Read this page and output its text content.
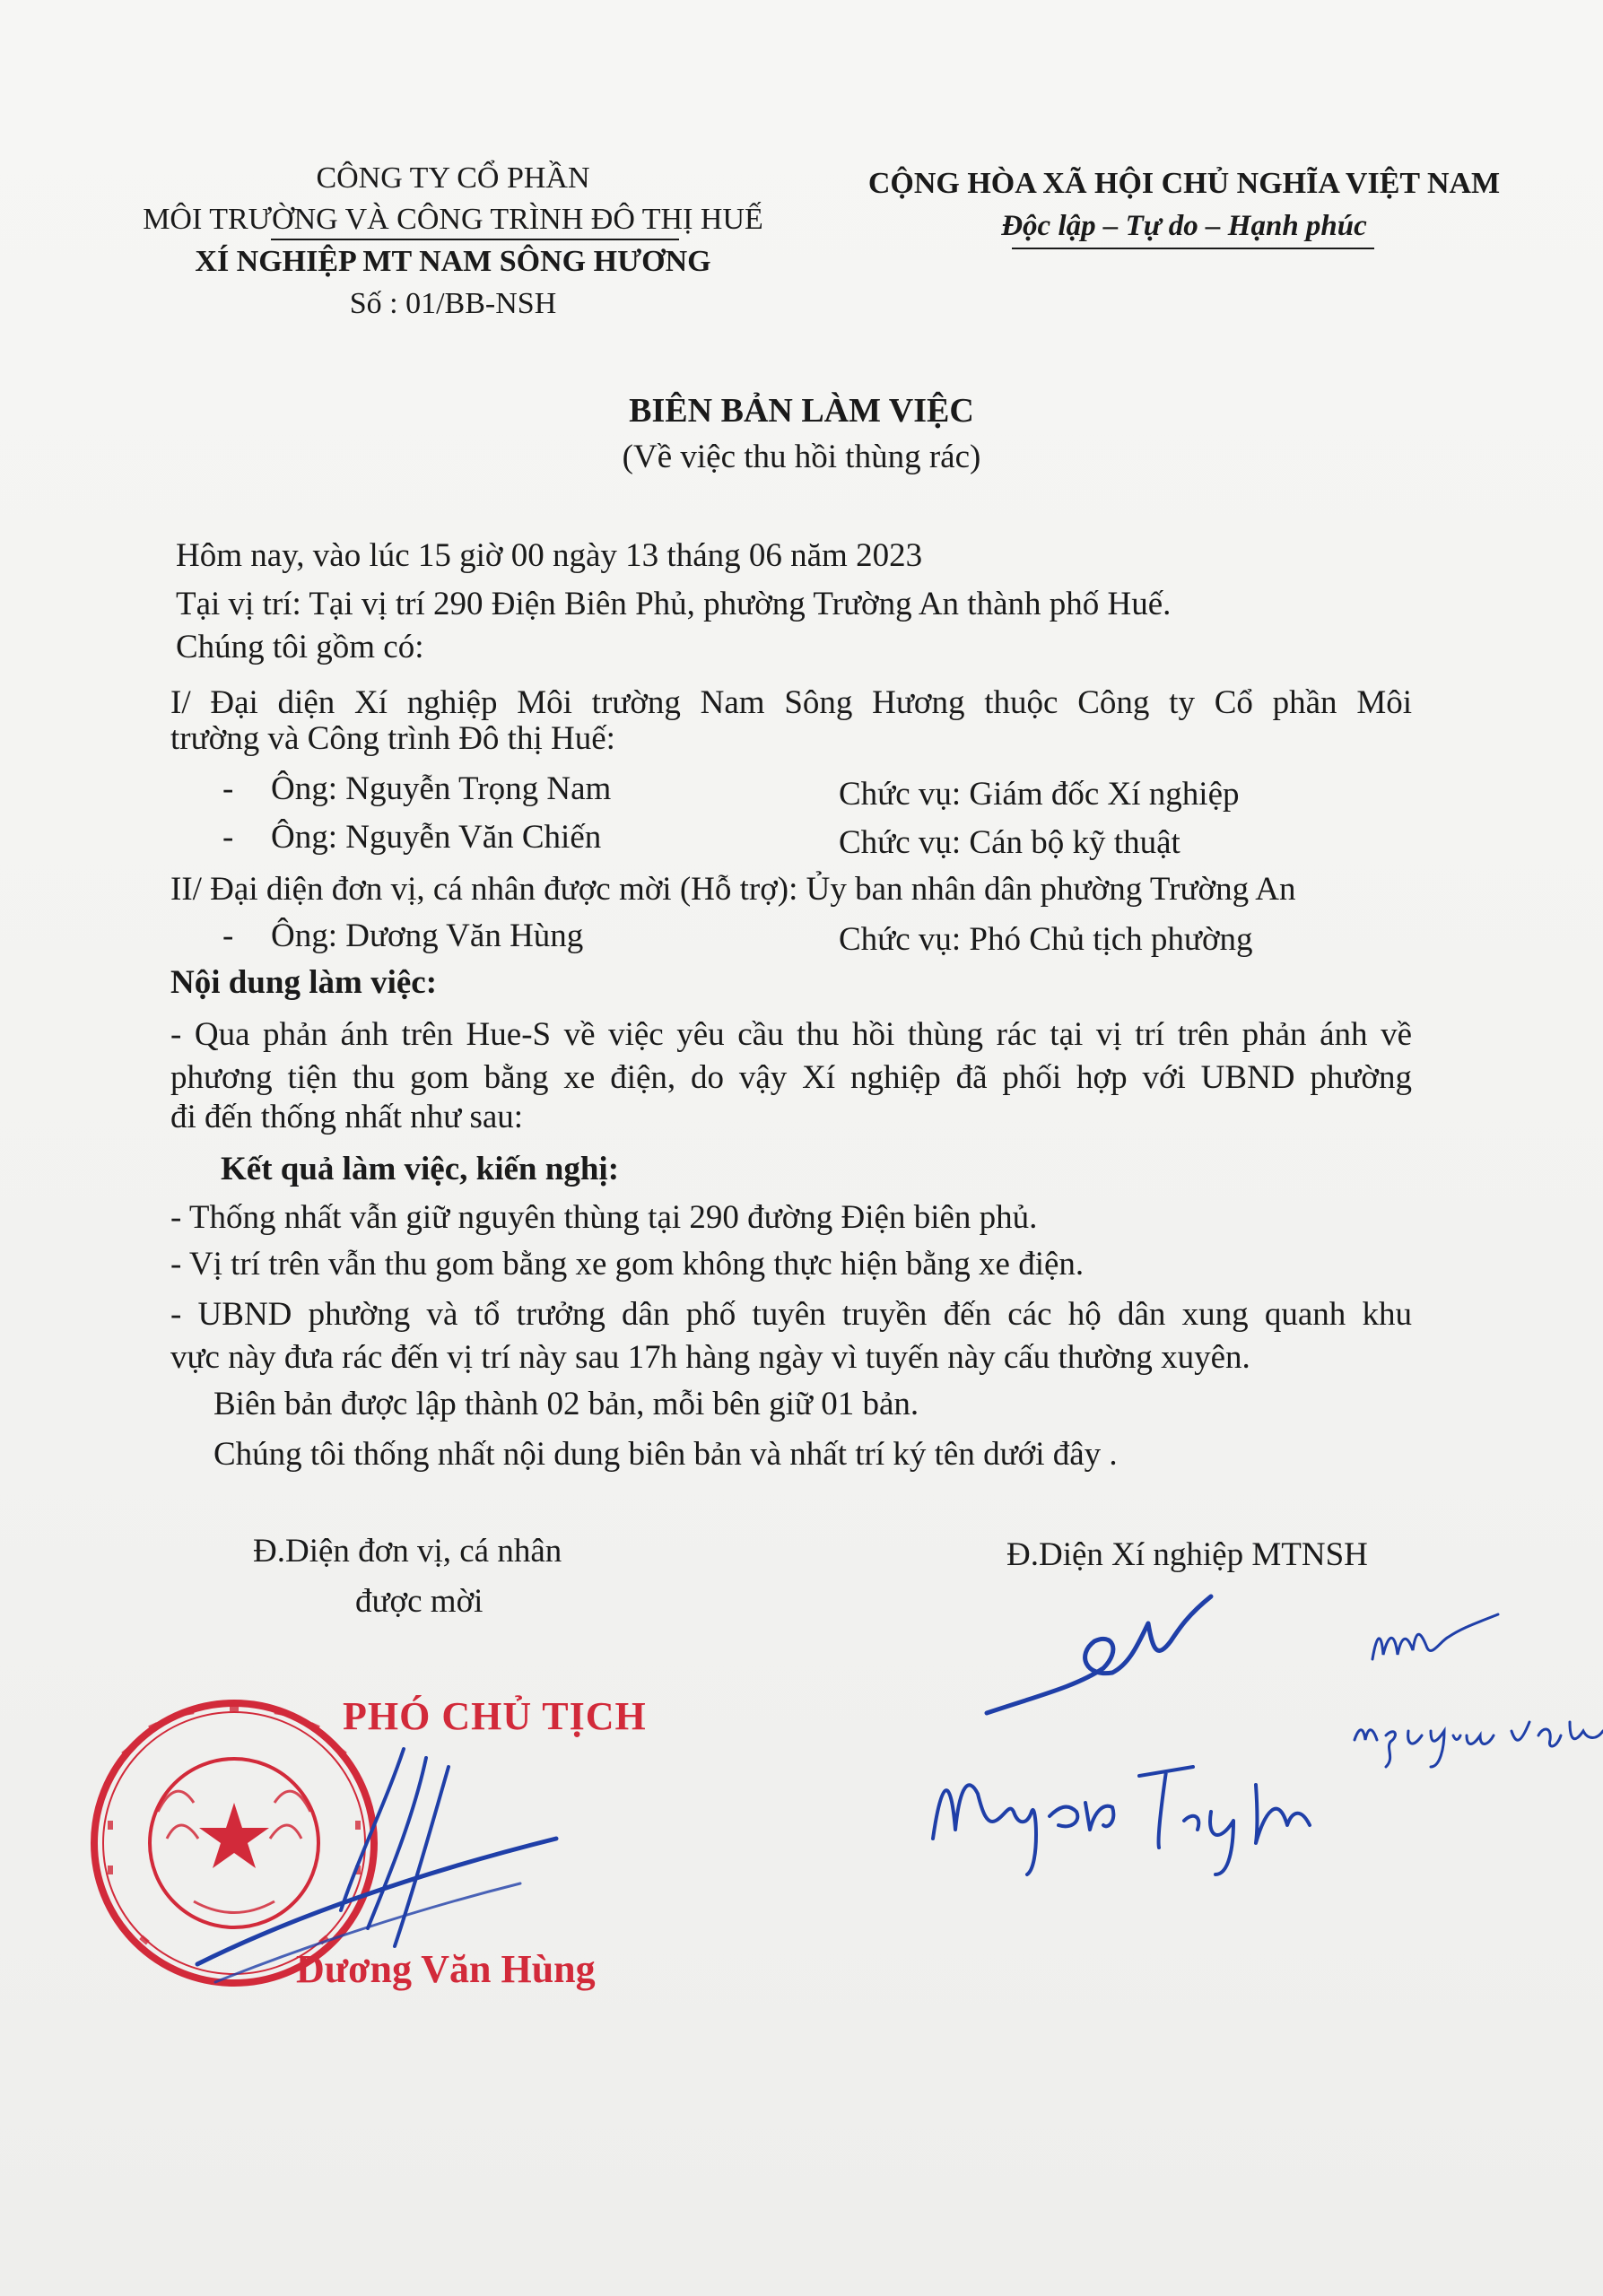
CÔNG TY CỔ PHẦN
MÔI TRƯỜNG VÀ CÔNG TRÌNH ĐÔ THỊ HUẾ
XÍ NGHIỆP MT NAM SÔNG HƯƠNG
Số : 01/BB-NSH
CỘNG HÒA XÃ HỘI CHỦ NGHĨA VIỆT NAM
Độc lập – Tự do – Hạnh phúc
BIÊN BẢN LÀM VIỆC
(Về việc thu hồi thùng rác)
Hôm nay, vào lúc 15 giờ 00 ngày 13 tháng 06 năm 2023
Tại vị trí: Tại vị trí 290 Điện Biên Phủ, phường Trường An thành phố Huế.
Chúng tôi gồm có:
I/ Đại diện Xí nghiệp Môi trường Nam Sông Hương thuộc Công ty Cổ phần Môi
trường và Công trình Đô thị Huế:
- Ông: Nguyễn Trọng Nam	Chức vụ: Giám đốc Xí nghiệp
- Ông: Nguyễn Văn Chiến	Chức vụ: Cán bộ kỹ thuật
II/ Đại diện đơn vị, cá nhân được mời (Hỗ trợ): Ủy ban nhân dân phường Trường An
- Ông: Dương Văn Hùng	Chức vụ: Phó Chủ tịch phường
Nội dung làm việc:
- Qua phản ánh trên Hue-S về việc yêu cầu thu hồi thùng rác tại vị trí trên phản ánh về
phương tiện thu gom bằng xe điện, do vậy Xí nghiệp đã phối hợp với UBND phường
đi đến thống nhất như sau:
Kết quả làm việc, kiến nghị:
- Thống nhất vẫn giữ nguyên thùng tại 290 đường Điện biên phủ.
- Vị trí trên vẫn thu gom bằng xe gom không thực hiện bằng xe điện.
- UBND phường và tổ trưởng dân phố tuyên truyền đến các hộ dân xung quanh khu
vực này đưa rác đến vị trí này sau 17h hàng ngày vì tuyến này cấu thường xuyên.
Biên bản được lập thành 02 bản, mỗi bên giữ 01 bản.
Chúng tôi thống nhất nội dung biên bản và nhất trí ký tên dưới đây .
Đ.Diện đơn vị, cá nhân
được mời
Đ.Diện Xí nghiệp MTNSH
PHÓ CHỦ TỊCH
Dương Văn Hùng
